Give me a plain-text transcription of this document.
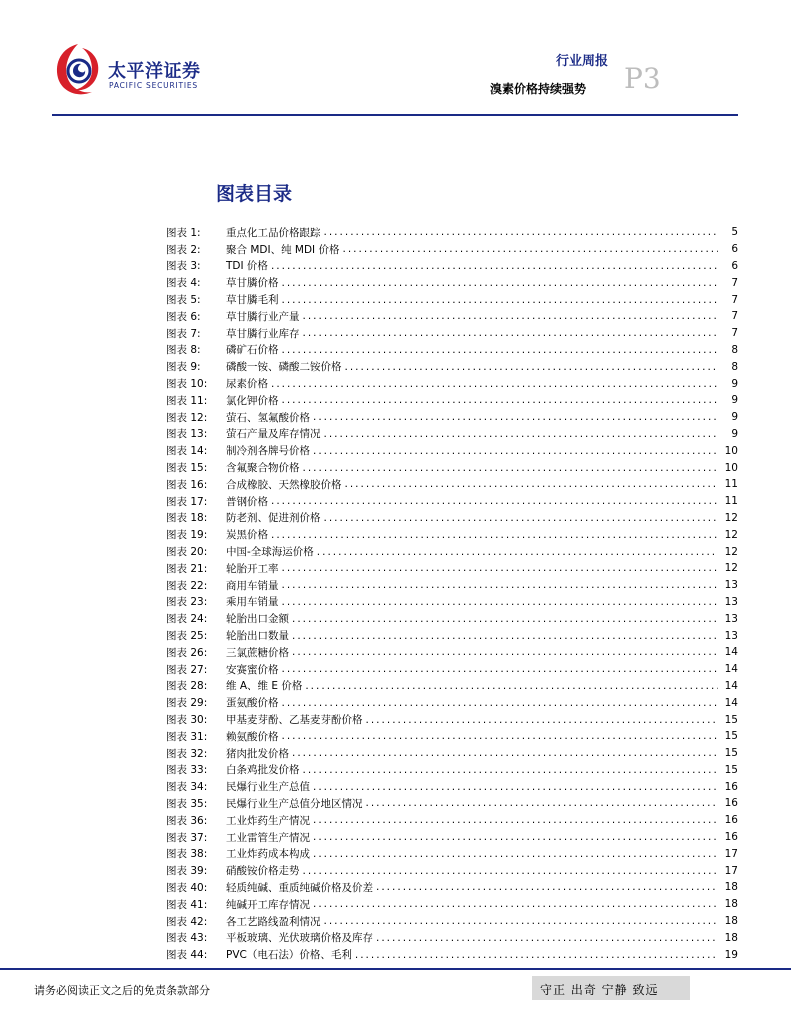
太平洋证券
PACIFIC SECURITIES
行业周报
P3
溴素价格持续强势
图表目录
图表 1:	重点化工品价格跟踪 .....	5
图表 2:	聚合 MDI、纯 MDI 价格 .....	6
图表 3:	TDI 价格 .....	6
图表 4:	草甘膦价格 .....	7
图表 5:	草甘膦毛利 .....	7
图表 6:	草甘膦行业产量 .....	7
图表 7:	草甘膦行业库存 .....	7
图表 8:	磷矿石价格 .....	8
图表 9:	磷酸一铵、磷酸二铵价格 .....	8
图表 10:	尿素价格 .....	9
图表 11:	氯化钾价格 .....	9
图表 12:	萤石、氢氟酸价格 .....	9
图表 13:	萤石产量及库存情况 .....	9
图表 14:	制冷剂各牌号价格 .....	10
图表 15:	含氟聚合物价格 .....	10
图表 16:	合成橡胶、天然橡胶价格 .....	11
图表 17:	普钢价格 .....	11
图表 18:	防老剂、促进剂价格 .....	12
图表 19:	炭黑价格 .....	12
图表 20:	中国-全球海运价格 .....	12
图表 21:	轮胎开工率 .....	12
图表 22:	商用车销量 .....	13
图表 23:	乘用车销量 .....	13
图表 24:	轮胎出口金额 .....	13
图表 25:	轮胎出口数量 .....	13
图表 26:	三氯蔗糖价格 .....	14
图表 27:	安赛蜜价格 .....	14
图表 28:	维 A、维 E 价格 .....	14
图表 29:	蛋氨酸价格 .....	14
图表 30:	甲基麦芽酚、乙基麦芽酚价格 .....	15
图表 31:	赖氨酸价格 .....	15
图表 32:	猪肉批发价格 .....	15
图表 33:	白条鸡批发价格 .....	15
图表 34:	民爆行业生产总值 .....	16
图表 35:	民爆行业生产总值分地区情况 .....	16
图表 36:	工业炸药生产情况 .....	16
图表 37:	工业雷管生产情况 .....	16
图表 38:	工业炸药成本构成 .....	17
图表 39:	硝酸铵价格走势 .....	17
图表 40:	轻质纯碱、重质纯碱价格及价差 .....	18
图表 41:	纯碱开工库存情况 .....	18
图表 42:	各工艺路线盈利情况 .....	18
图表 43:	平板玻璃、光伏玻璃价格及库存 .....	18
图表 44:	PVC（电石法）价格、毛利 .....	19
请务必阅读正文之后的免责条款部分	守正 出奇 宁静 致远
